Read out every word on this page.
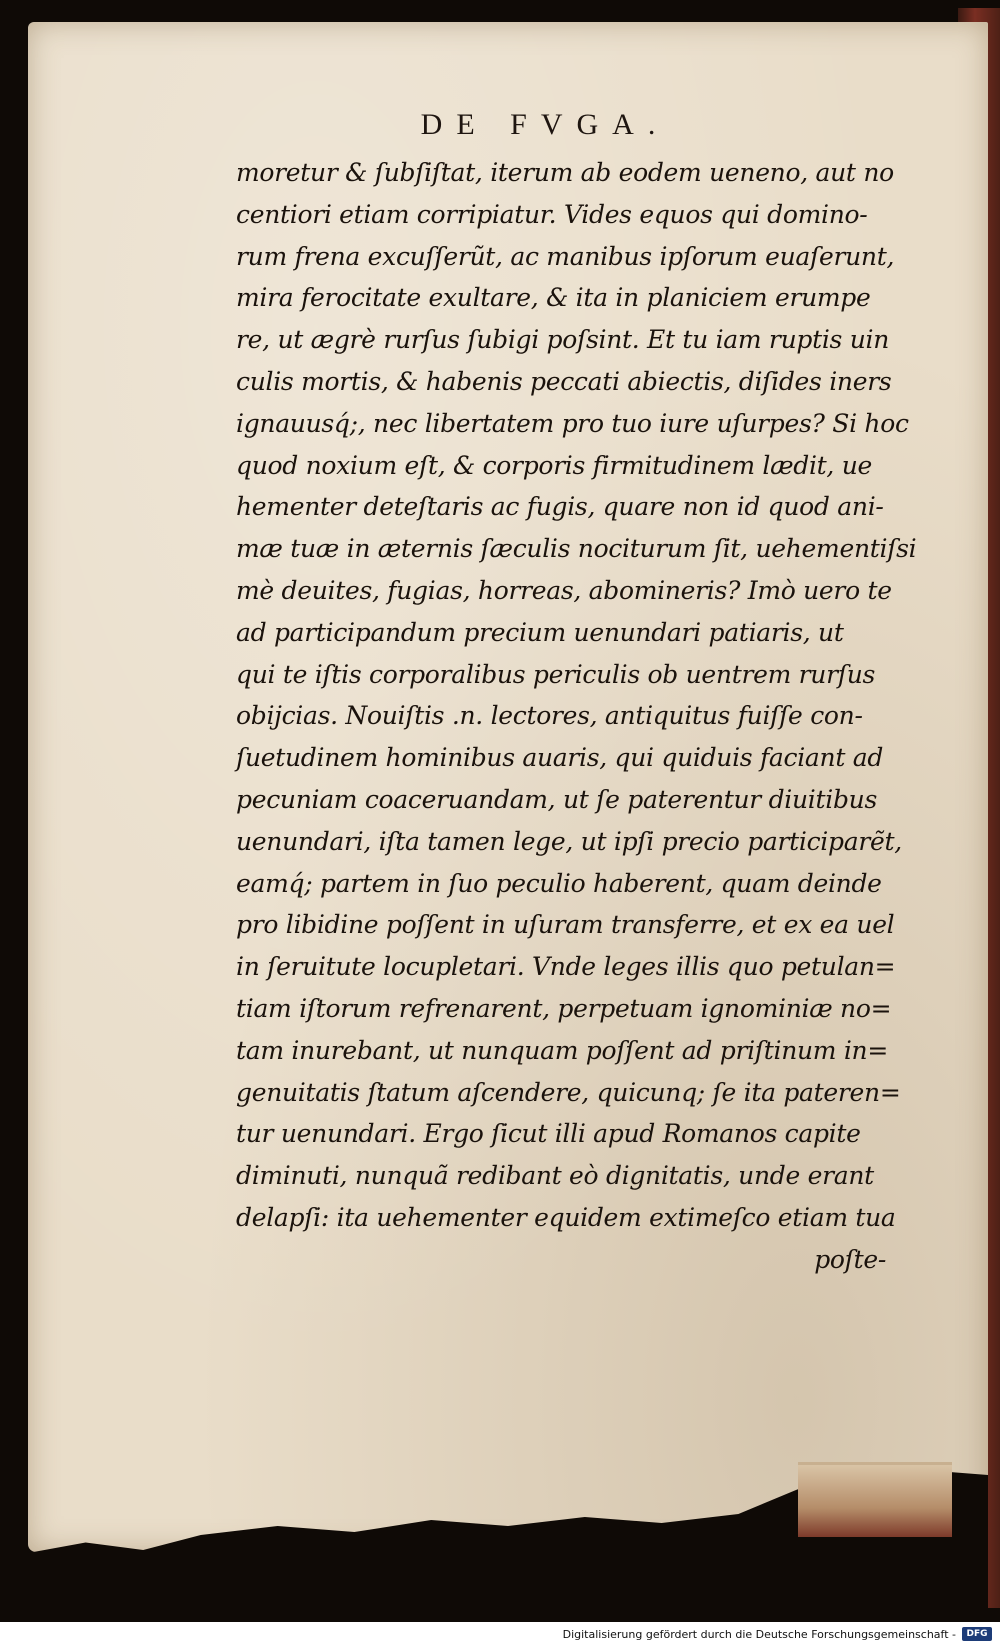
DE FVGA.
moretur & ſubſiſtat, iterum ab eodem ueneno, aut no
centiori etiam corripiatur. Vides equos qui domino-
rum frena excuſſerũt, ac manibus ipſorum euaſerunt,
mira ferocitate exultare, & ita in planiciem erumpe
re, ut ægrè rurſus ſubigi poſsint. Et tu iam ruptis uin
culis mortis, & habenis peccati abiectis, diſides iners
ignauusq́;, nec libertatem pro tuo iure uſurpes? Si hoc
quod noxium eſt, & corporis firmitudinem lædit, ue
hementer deteſtaris ac fugis, quare non id quod ani-
mæ tuæ in æternis ſæculis nociturum ſit, uehementiſsi
mè deuites, fugias, horreas, abomineris? Imò uero te
ad participandum precium uenundari patiaris, ut
qui te iſtis corporalibus periculis ob uentrem rurſus
obijcias. Nouiſtis .n. lectores, antiquitus fuiſſe con-
ſuetudinem hominibus auaris, qui quiduis faciant ad
pecuniam coaceruandam, ut ſe paterentur diuitibus
uenundari, iſta tamen lege, ut ipſi precio participarẽt,
eamq́; partem in ſuo peculio haberent, quam deinde
pro libidine poſſent in uſuram transferre, et ex ea uel
in ſeruitute locupletari. Vnde leges illis quo petulan=
tiam iſtorum refrenarent, perpetuam ignominiæ no=
tam inurebant, ut nunquam poſſent ad priſtinum in=
genuitatis ſtatum aſcendere, quicunq; ſe ita pateren=
tur uenundari. Ergo ſicut illi apud Romanos capite
diminuti, nunquã redibant eò dignitatis, unde erant
delapſi: ita uehementer equidem extimeſco etiam tua
poſte-
Digitalisierung gefördert durch die Deutsche Forschungsgemeinschaft -	DFG
